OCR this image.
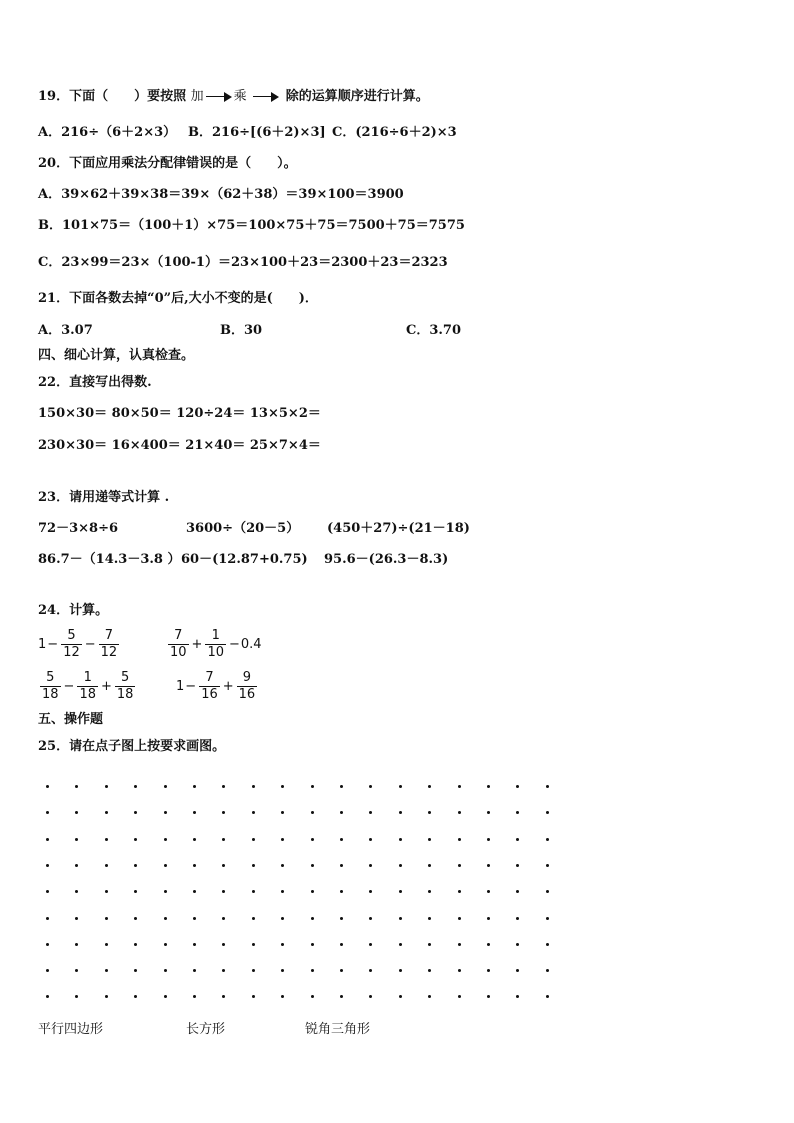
19．下面（　　）要按照 加 乘	除的运算顺序进行计算。
A．216÷（6＋2×3） B．216÷[(6＋2)×3] C．(216÷6＋2)×3
20．下面应用乘法分配律错误的是（　　）。
A．39×62＋39×38＝39×（62＋38）＝39×100＝3900
B．101×75＝（100＋1）×75＝100×75＋75＝7500＋75＝7575
C．23×99＝23×（100-1）＝23×100＋23＝2300＋23＝2323
21．下面各数去掉“0”后,大小不变的是(　　)．
A．3.07	B．30	C．3.70
四、细心计算，认真检查。
22．直接写出得数.
150×30＝ 80×50＝ 120÷24＝ 13×5×2＝
230×30＝ 16×400＝ 21×40＝ 25×7×4＝
23．请用递等式计算 .
72－3×8÷6	3600÷（20－5） (450＋27)÷(21－18)
86.7－（14.3－3.8 ） 60－(12.87+0.75) 95.6－(26.3－8.3)
24．计算。
$1 - \frac{5}{12} - \frac{7}{12}$	$\frac{7}{10} + \frac{1}{10} - 0.4$
$\frac{5}{18} - \frac{1}{18} + \frac{5}{18}$	$1 - \frac{7}{16} + \frac{9}{16}$
五、操作题
25．请在点子图上按要求画图。
平行四边形	长方形	锐角三角形
